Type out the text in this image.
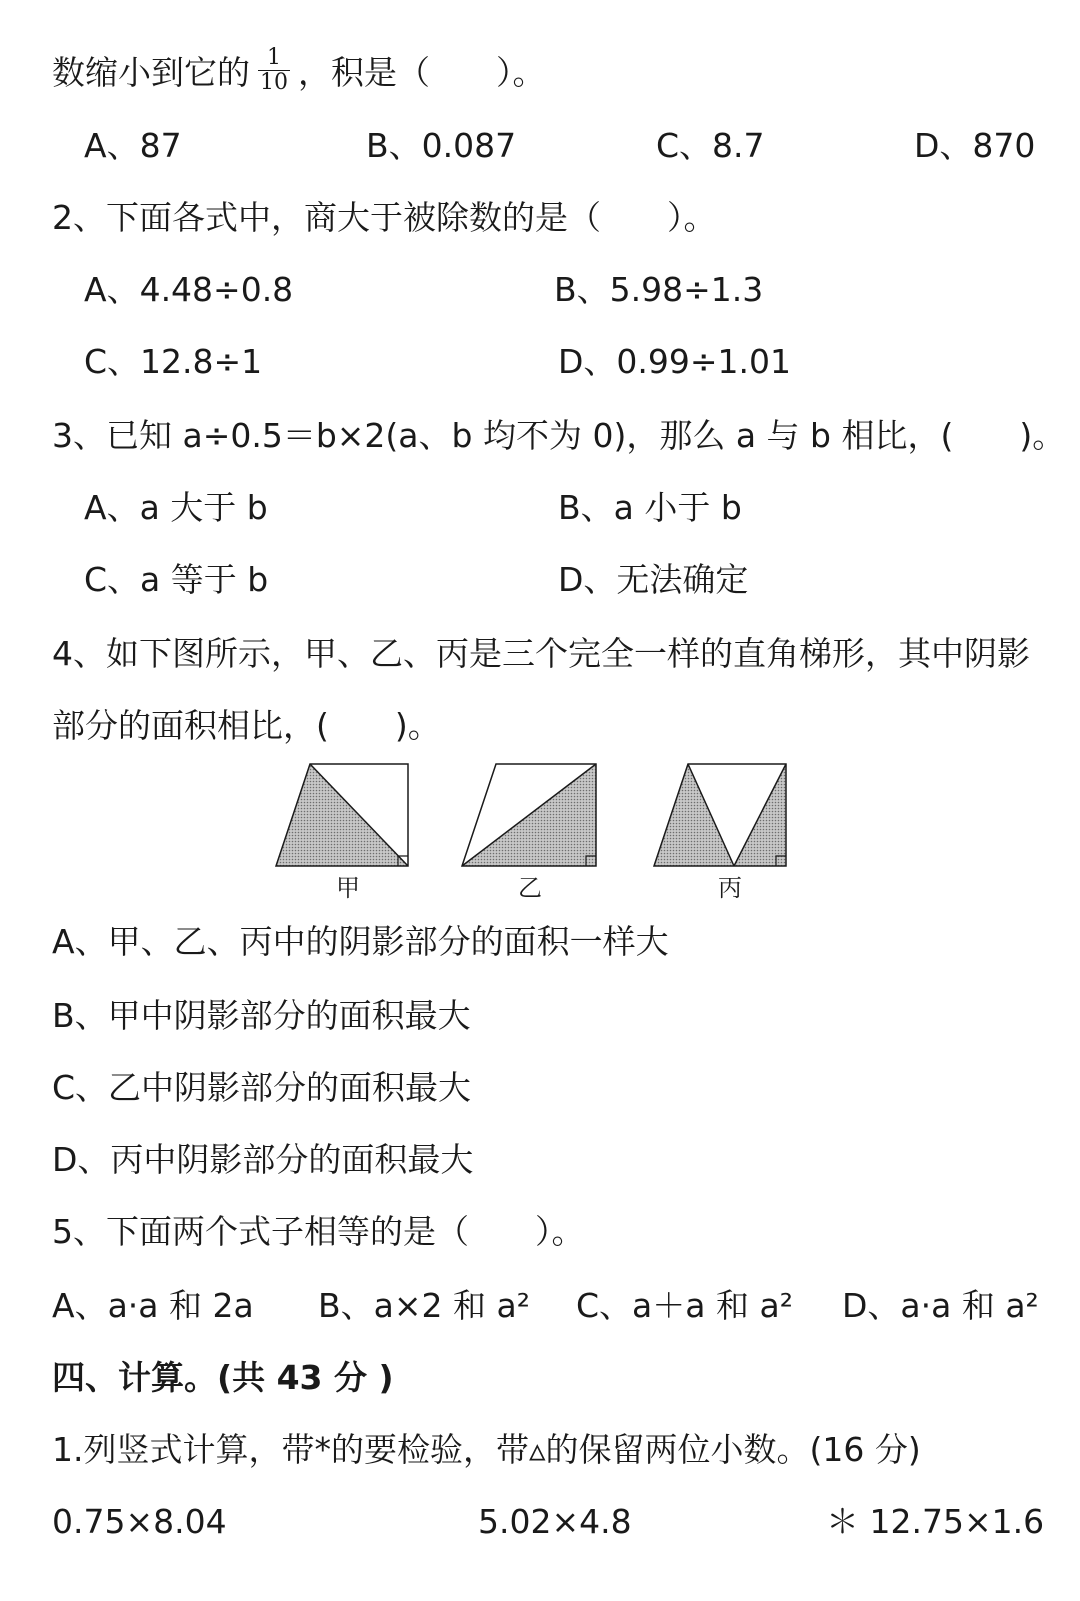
数缩小到它的 $\frac{1}{10}$ ，积是（　　）。
A、87	B、0.087	C、8.7	D、870
2、下面各式中，商大于被除数的是（　　）。
A、4.48÷0.8	B、5.98÷1.3
C、12.8÷1	D、0.99÷1.01
3、已知 a÷0.5＝b×2(a、b 均不为 0)，那么 a 与 b 相比，(　　)。
A、a 大于 b	B、a 小于 b
C、a 等于 b	D、无法确定
4、如下图所示，甲、乙、丙是三个完全一样的直角梯形，其中阴影
部分的面积相比，(　　)。
甲	乙	丙
A、甲、乙、丙中的阴影部分的面积一样大
B、甲中阴影部分的面积最大
C、乙中阴影部分的面积最大
D、丙中阴影部分的面积最大
5、下面两个式子相等的是（　　）。
A、a·a 和 2a B、a×2 和 a² C、a＋a 和 a² D、a·a 和 a²
四、计算。(共 43 分 )
1.列竖式计算，带*的要检验，带▵的保留两位小数。(16 分)
0.75×8.04	5.02×4.8	＊ 12.75×1.6
